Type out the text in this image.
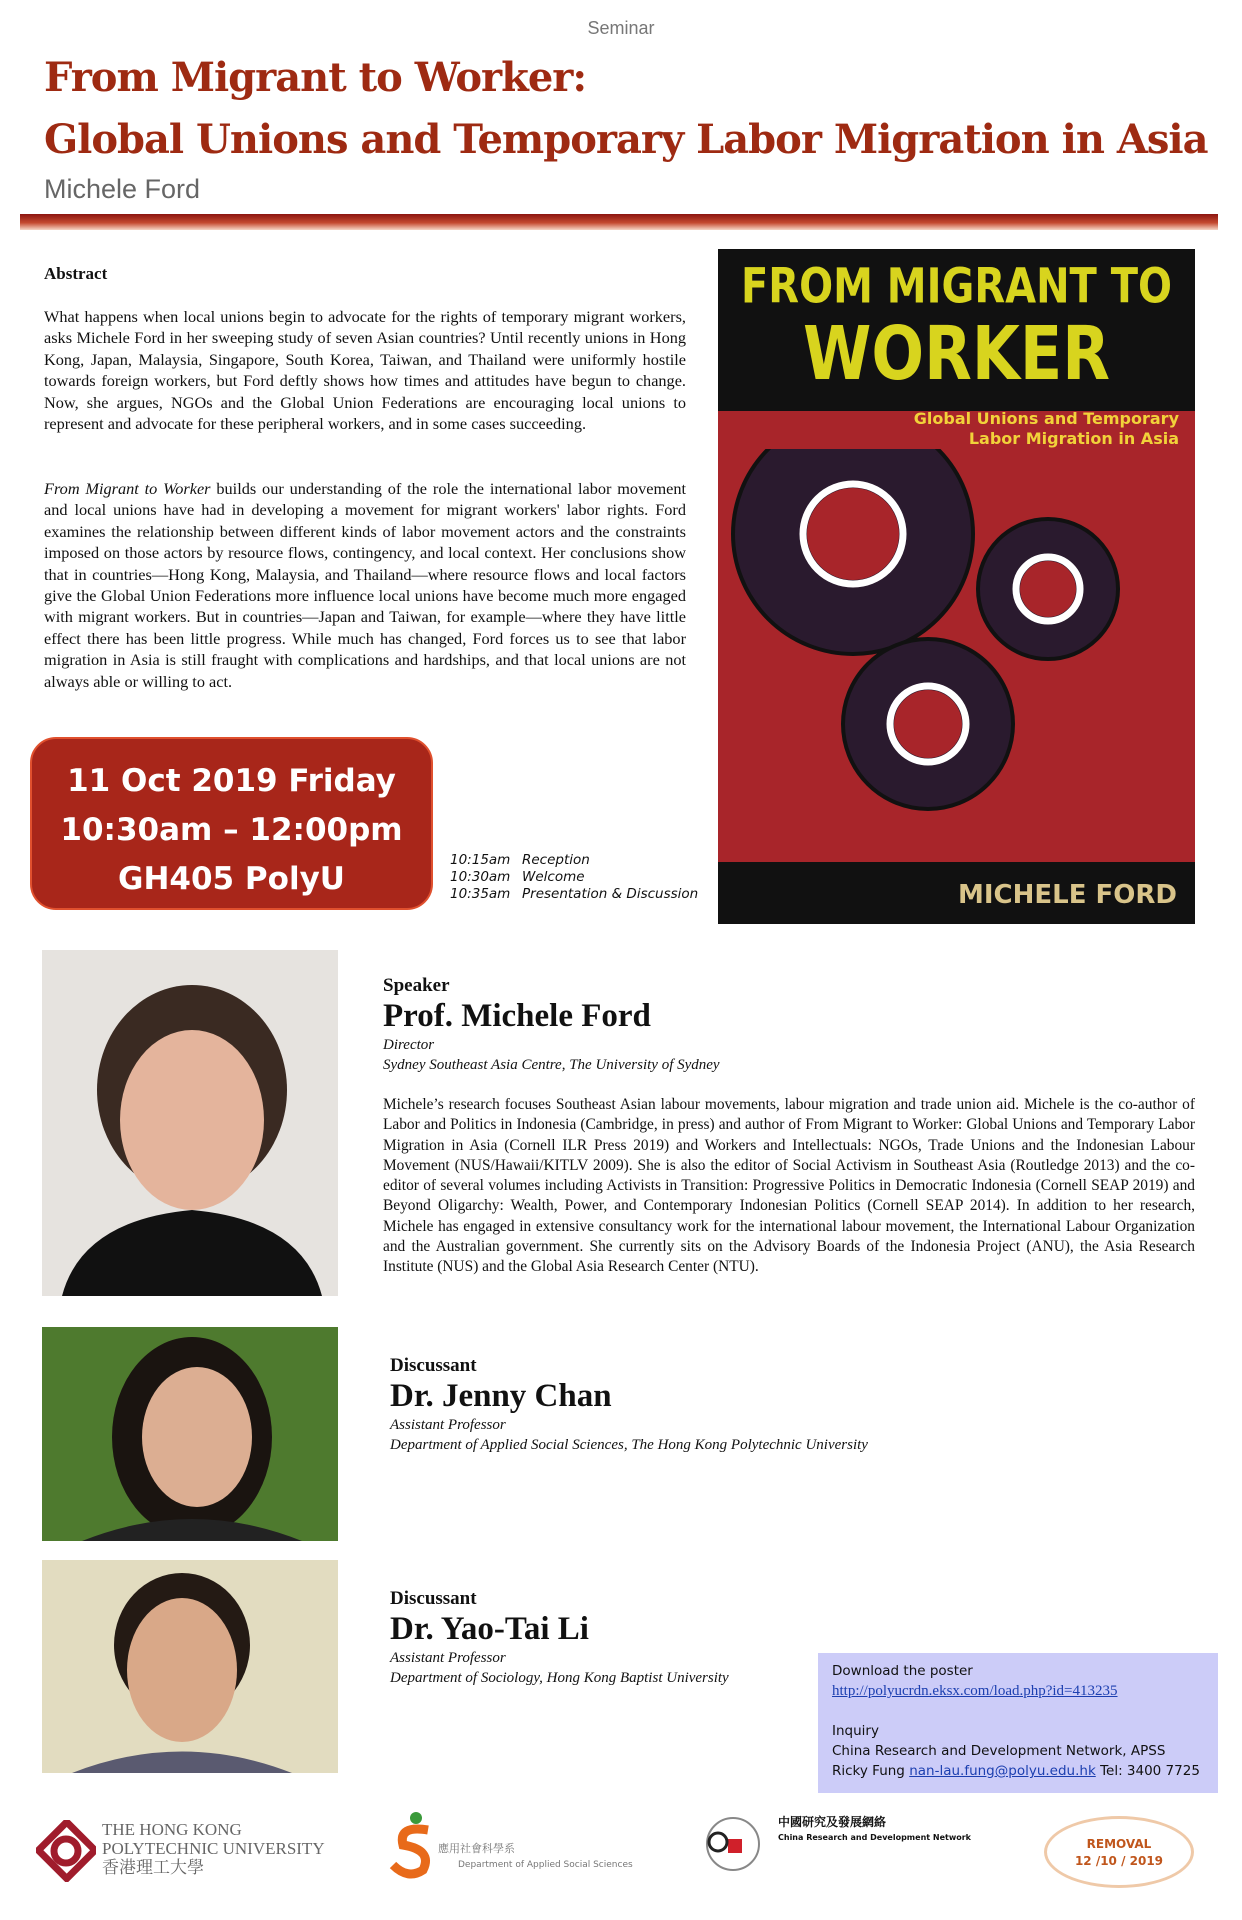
Seminar
From Migrant to Worker:
Global Unions and Temporary Labor Migration in Asia
Michele Ford
Abstract

What happens when local unions begin to advocate for the rights of temporary migrant workers, asks Michele Ford in her sweeping study of seven Asian countries? Until recently unions in Hong Kong, Japan, Malaysia, Singapore, South Korea, Taiwan, and Thailand were uniformly hostile towards foreign workers, but Ford deftly shows how times and attitudes have begun to change. Now, she argues, NGOs and the Global Union Federations are encouraging local unions to represent and advocate for these peripheral workers, and in some cases succeeding.

From Migrant to Worker builds our understanding of the role the international labor movement and local unions have had in developing a movement for migrant workers' labor rights. Ford examines the relationship between different kinds of labor movement actors and the constraints imposed on those actors by resource flows, contingency, and local context. Her conclusions show that in countries—Hong Kong, Malaysia, and Thailand—where resource flows and local factors give the Global Union Federations more influence local unions have become much more engaged with migrant workers. But in countries—Japan and Taiwan, for example—where they have little effect there has been little progress. While much has changed, Ford forces us to see that labor migration in Asia is still fraught with complications and hardships, and that local unions are not always able or willing to act.

FROM MIGRANT TO
WORKER
Global Unions and Temporary
Labor Migration in Asia
MICHELE FORD
11 Oct 2019 Friday
10:30am – 12:00pm
GH405 PolyU
10:15am Reception
10:30am Welcome
10:35am Presentation & Discussion
Speaker
Prof. Michele Ford
Director
Sydney Southeast Asia Centre, The University of Sydney

Michele’s research focuses Southeast Asian labour movements, labour migration and trade union aid. Michele is the co-author of Labor and Politics in Indonesia (Cambridge, in press) and author of From Migrant to Worker: Global Unions and Temporary Labor Migration in Asia (Cornell ILR Press 2019) and Workers and Intellectuals: NGOs, Trade Unions and the Indonesian Labour Movement (NUS/Hawaii/KITLV 2009). She is also the editor of Social Activism in Southeast Asia (Routledge 2013) and the co-editor of several volumes including Activists in Transition: Progressive Politics in Democratic Indonesia (Cornell SEAP 2019) and Beyond Oligarchy: Wealth, Power, and Contemporary Indonesian Politics (Cornell SEAP 2014). In addition to her research, Michele has engaged in extensive consultancy work for the international labour movement, the International Labour Organization and the Australian government. She currently sits on the Advisory Boards of the Indonesia Project (ANU), the Asia Research Institute (NUS) and the Global Asia Research Center (NTU).

Discussant
Dr. Jenny Chan
Assistant Professor
Department of Applied Social Sciences, The Hong Kong Polytechnic University
Discussant
Dr. Yao-Tai Li
Assistant Professor
Department of Sociology, Hong Kong Baptist University	Download the poster
http://polyucrdn.eksx.com/load.php?id=413235
Inquiry
China Research and Development Network, APSS
Ricky Fung nan-lau.fung@polyu.edu.hk Tel: 3400 7725
THE HONG KONG
POLYTECHNIC UNIVERSITY
香港理工大學
應用社會科學系
Department of Applied Social Sciences
中國研究及發展網絡
China Research and Development Network	REMOVAL
12 /10 / 2019
